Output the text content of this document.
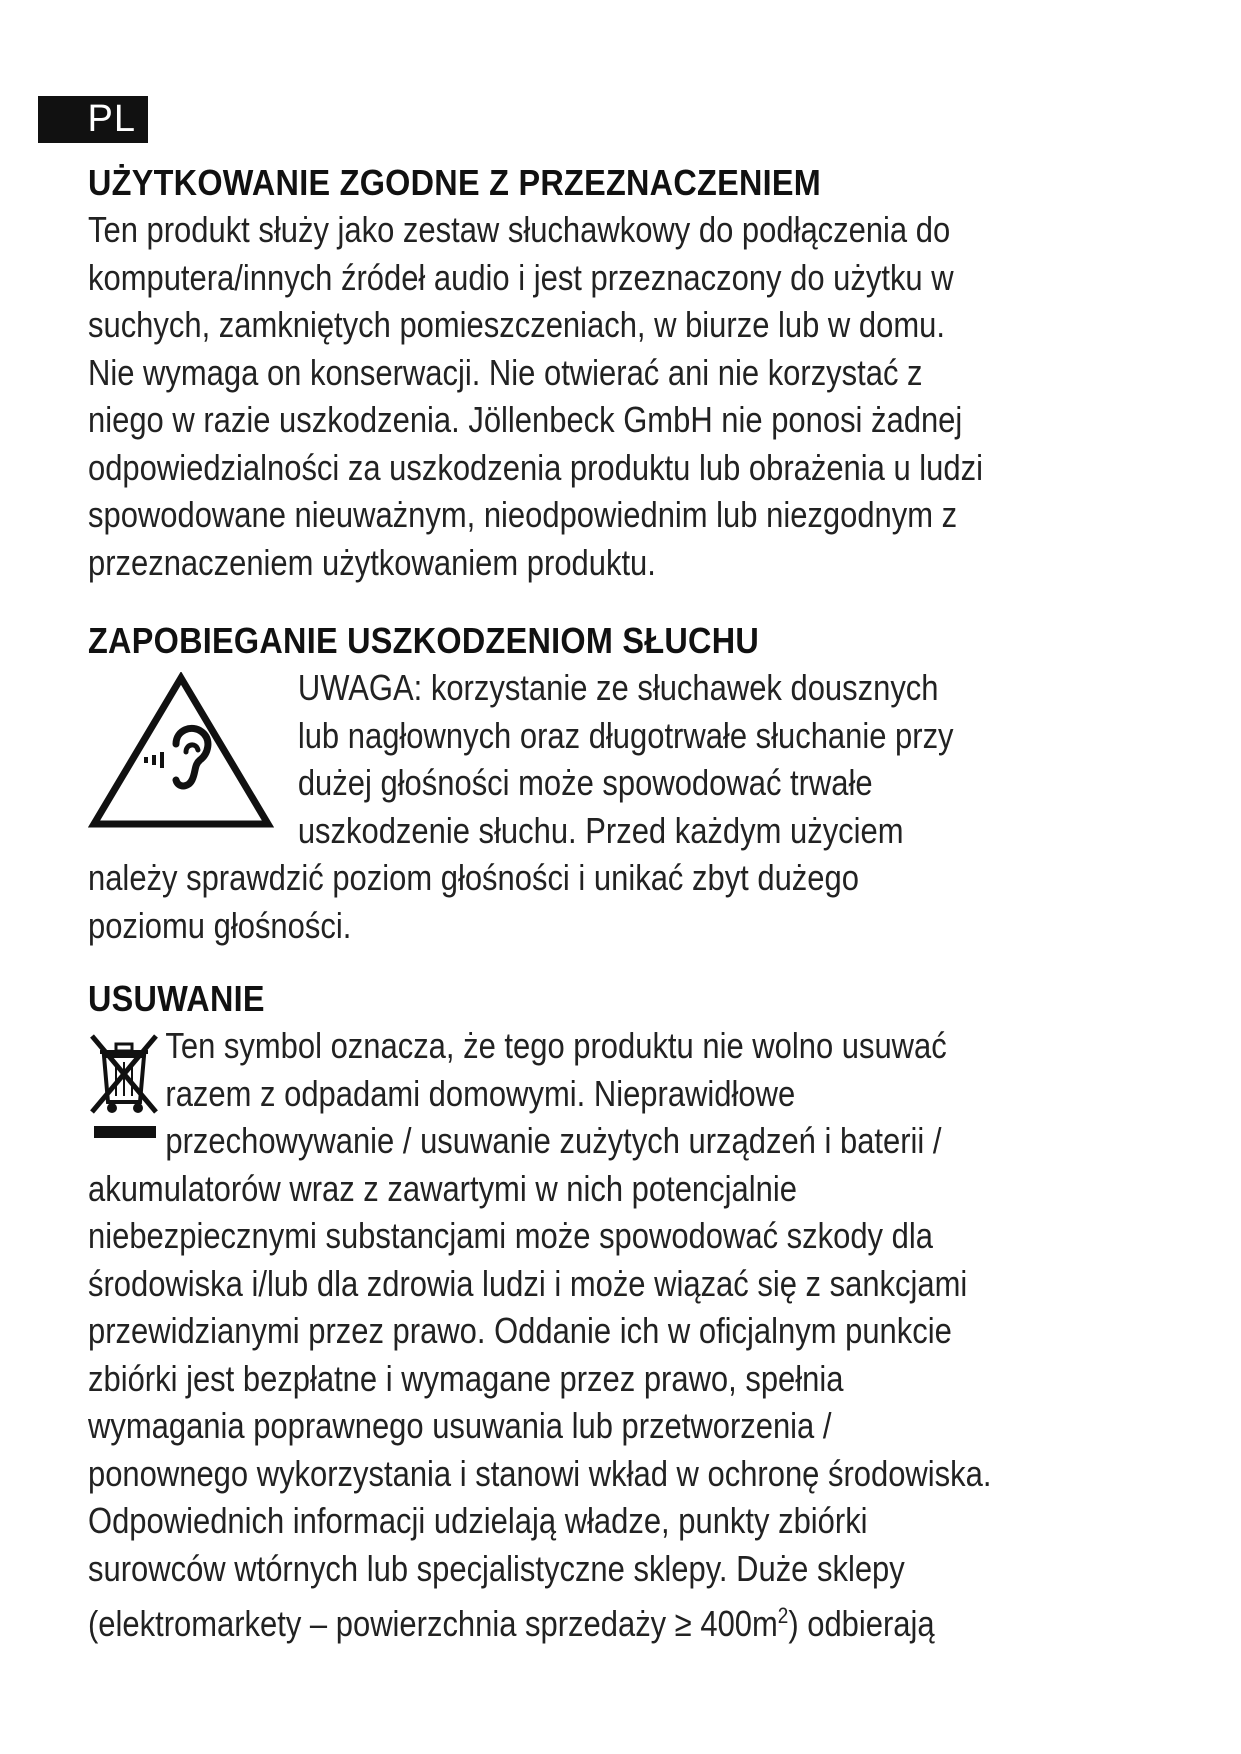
PL
UŻYTKOWANIE ZGODNE Z PRZEZNACZENIEM

Ten produkt służy jako zestaw słuchawkowy do podłączenia do
komputera/innych źródeł audio i jest przeznaczony do użytku w
suchych, zamkniętych pomieszczeniach, w biurze lub w domu.
Nie wymaga on konserwacji. Nie otwierać ani nie korzystać z
niego w razie uszkodzenia. Jöllenbeck GmbH nie ponosi żadnej
odpowiedzialności za uszkodzenia produktu lub obrażenia u ludzi
spowodowane nieuważnym, nieodpowiednim lub niezgodnym z
przeznaczeniem użytkowaniem produktu.

ZAPOBIEGANIE USZKODZENIOM SŁUCHU

UWAGA: korzystanie ze słuchawek dousznych
lub nagłownych oraz długotrwałe słuchanie przy
dużej głośności może spowodować trwałe
uszkodzenie słuchu. Przed każdym użyciem
należy sprawdzić poziom głośności i unikać zbyt dużego
poziomu głośności.

USUWANIE

Ten symbol oznacza, że tego produktu nie wolno usuwać
razem z odpadami domowymi. Nieprawidłowe
przechowywanie / usuwanie zużytych urządzeń i baterii /
akumulatorów wraz z zawartymi w nich potencjalnie
niebezpiecznymi substancjami może spowodować szkody dla
środowiska i/lub dla zdrowia ludzi i może wiązać się z sankcjami
przewidzianymi przez prawo. Oddanie ich w oficjalnym punkcie
zbiórki jest bezpłatne i wymagane przez prawo, spełnia
wymagania poprawnego usuwania lub przetworzenia /
ponownego wykorzystania i stanowi wkład w ochronę środowiska.
Odpowiednich informacji udzielają władze, punkty zbiórki
surowców wtórnych lub specjalistyczne sklepy. Duże sklepy
(elektromarkety – powierzchnia sprzedaży ≥ $400m^2$) odbierają
